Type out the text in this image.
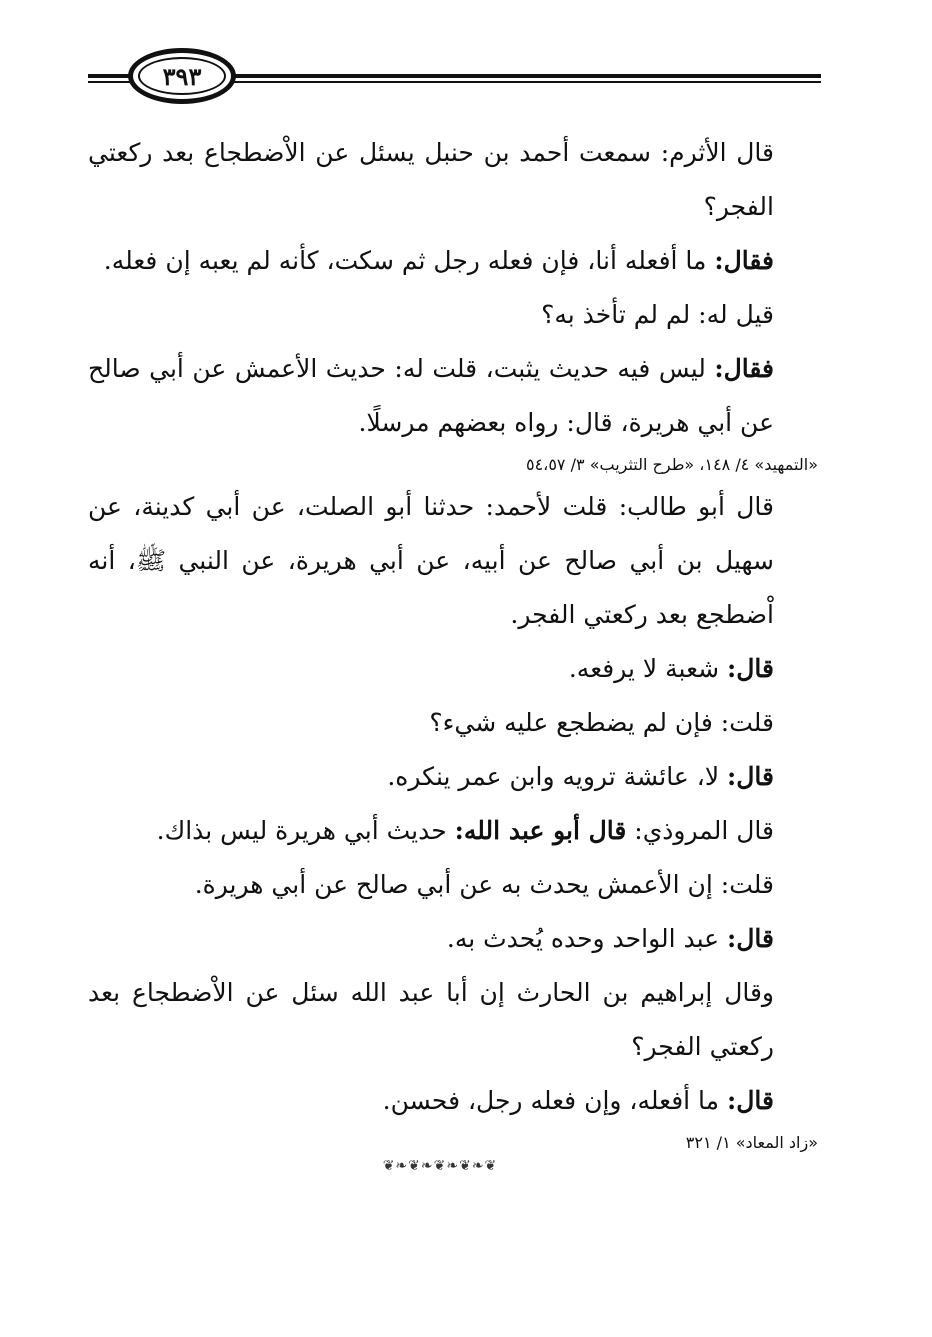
٣٩٣

قال الأثرم: سمعت أحمد بن حنبل يسئل عن الاْضطجاع بعد ركعتي الفجر؟

فقال: ما أفعله أنا، فإن فعله رجل ثم سكت، كأنه لم يعبه إن فعله.

قيل له: لم لم تأخذ به؟

فقال: ليس فيه حديث يثبت، قلت له: حديث الأعمش عن أبي صالح عن أبي هريرة، قال: رواه بعضهم مرسلًا.

«التمهيد» ٤/ ١٤٨، «طرح التثريب» ٣/ ٥٤،٥٧

قال أبو طالب: قلت لأحمد: حدثنا أبو الصلت، عن أبي كدينة، عن سهيل بن أبي صالح عن أبيه، عن أبي هريرة، عن النبي ﷺ، أنه اْضطجع بعد ركعتي الفجر.

قال: شعبة لا يرفعه.

قلت: فإن لم يضطجع عليه شيء؟

قال: لا، عائشة ترويه وابن عمر ينكره.

قال المروذي: قال أبو عبد الله: حديث أبي هريرة ليس بذاك.

قلت: إن الأعمش يحدث به عن أبي صالح عن أبي هريرة.

قال: عبد الواحد وحده يُحدث به.

وقال إبراهيم بن الحارث إن أبا عبد الله سئل عن الاْضطجاع بعد ركعتي الفجر؟

قال: ما أفعله، وإن فعله رجل، فحسن.

«زاد المعاد» ١/ ٣٢١

❦❧❦❧❦❧❦❧❦
